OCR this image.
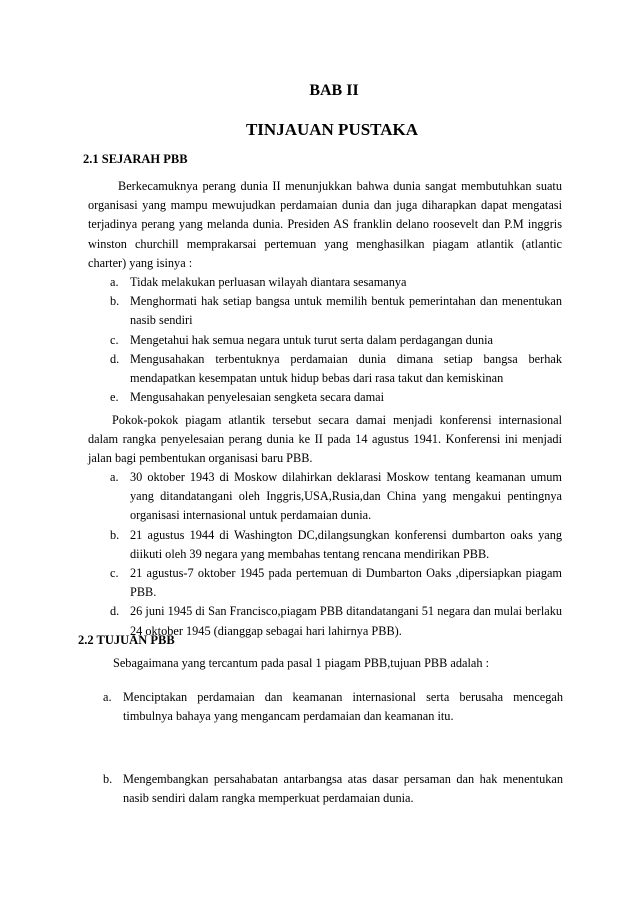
BAB II
TINJAUAN PUSTAKA
2.1 SEJARAH PBB

Berkecamuknya perang dunia II menunjukkan bahwa dunia sangat membutuhkan suatu organisasi yang mampu mewujudkan perdamaian dunia dan juga diharapkan dapat mengatasi terjadinya perang yang melanda dunia. Presiden AS franklin delano roosevelt dan P.M inggris winston churchill memprakarsai pertemuan yang menghasilkan piagam atlantik (atlantic charter) yang isinya :

a. Tidak melakukan perluasan wilayah diantara sesamanya
b. Menghormati hak setiap bangsa untuk memilih bentuk pemerintahan dan menentukan nasib sendiri
c. Mengetahui hak semua negara untuk turut serta dalam perdagangan dunia
d. Mengusahakan terbentuknya perdamaian dunia dimana setiap bangsa berhak mendapatkan kesempatan untuk hidup bebas dari rasa takut dan kemiskinan
e. Mengusahakan penyelesaian sengketa secara damai

Pokok-pokok piagam atlantik tersebut secara damai menjadi konferensi internasional dalam rangka penyelesaian perang dunia ke II pada 14 agustus 1941. Konferensi ini menjadi jalan bagi pembentukan organisasi baru PBB.

a. 30 oktober 1943 di Moskow dilahirkan deklarasi Moskow tentang keamanan umum yang ditandatangani oleh Inggris,USA,Rusia,dan China yang mengakui pentingnya organisasi internasional untuk perdamaian dunia.
b. 21 agustus 1944 di Washington DC,dilangsungkan konferensi dumbarton oaks yang diikuti oleh 39 negara yang membahas tentang rencana mendirikan PBB.
c. 21 agustus-7 oktober 1945 pada pertemuan di Dumbarton Oaks ,dipersiapkan piagam PBB.
d. 26 juni 1945 di San Francisco,piagam PBB ditandatangani 51 negara dan mulai berlaku 24 oktober 1945 (dianggap sebagai hari lahirnya PBB).
2.2 TUJUAN PBB

Sebagaimana yang tercantum pada pasal 1 piagam PBB,tujuan PBB adalah :

a. Menciptakan perdamaian dan keamanan internasional serta berusaha mencegah timbulnya bahaya yang mengancam perdamaian dan keamanan itu.
b. Mengembangkan persahabatan antarbangsa atas dasar persaman dan hak menentukan nasib sendiri dalam rangka memperkuat perdamaian dunia.
